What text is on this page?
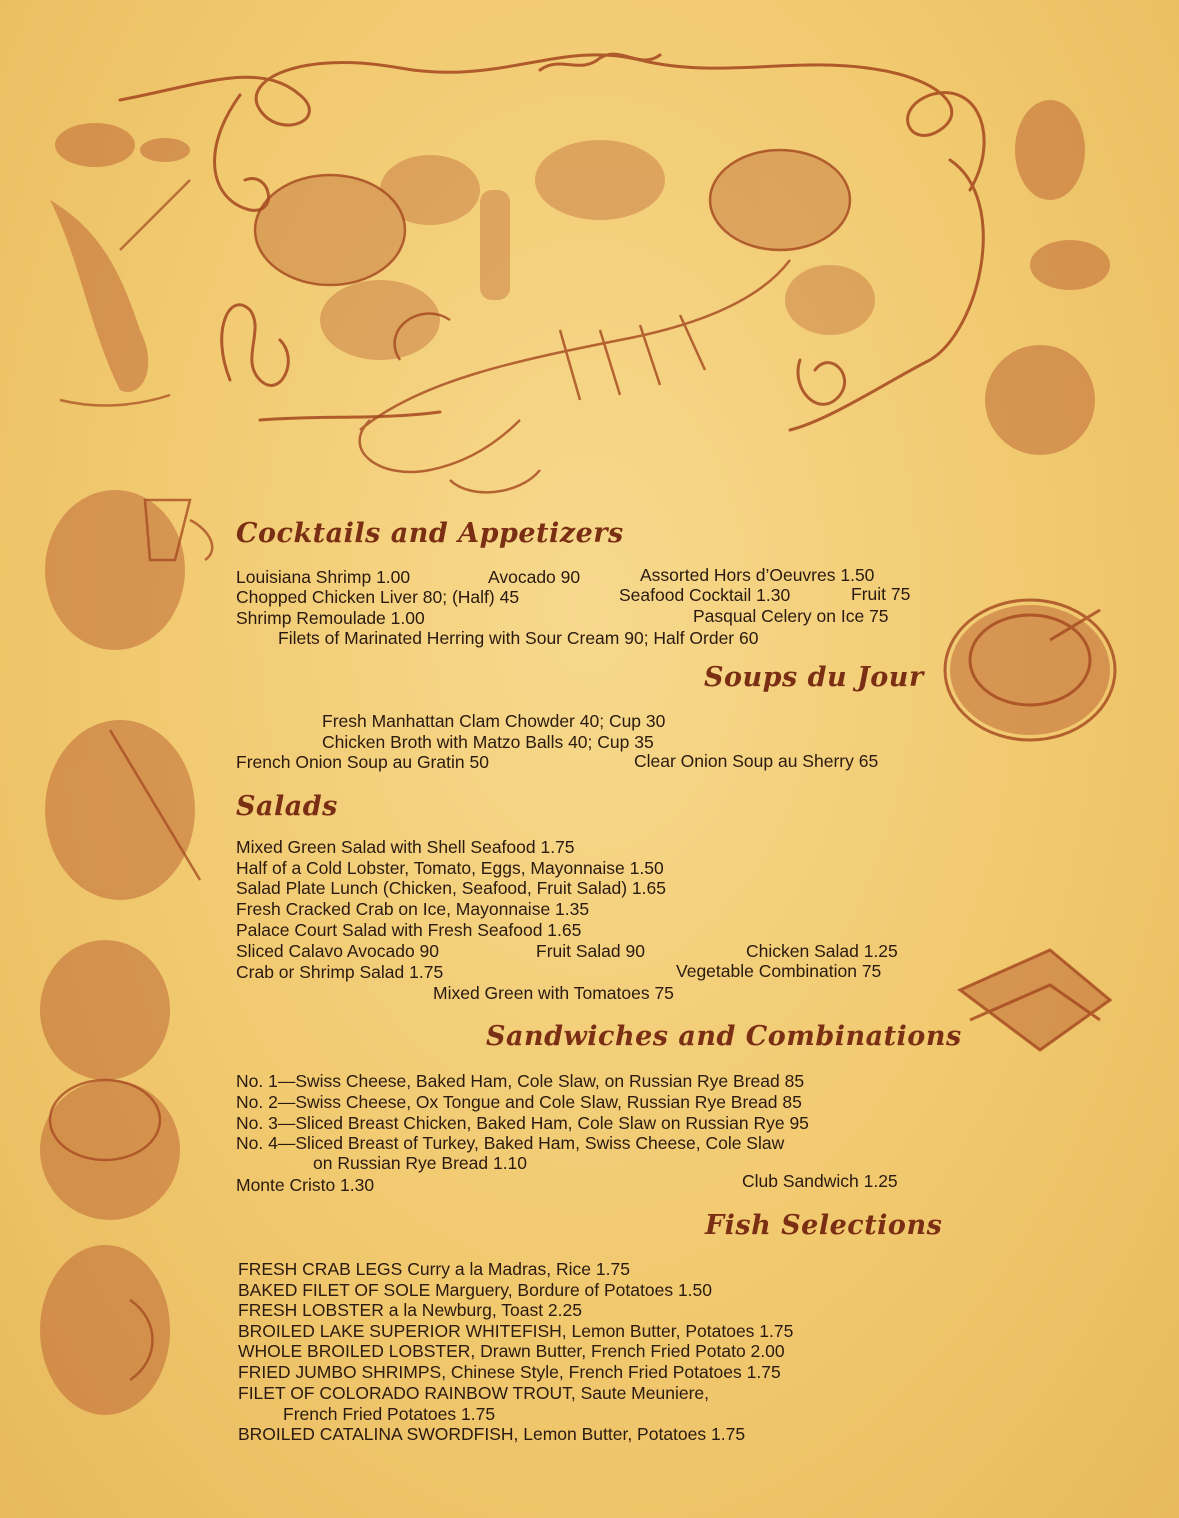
Cocktails and Appetizers
Louisiana Shrimp 1.00	Avocado 90	Assorted Hors d’Oeuvres 1.50
Chopped Chicken Liver 80; (Half) 45	Seafood Cocktail 1.30	Fruit 75
Shrimp Remoulade 1.00	Pasqual Celery on Ice 75
Filets of Marinated Herring with Sour Cream 90; Half Order 60
Soups du Jour
Fresh Manhattan Clam Chowder 40; Cup 30
Chicken Broth with Matzo Balls 40; Cup 35
French Onion Soup au Gratin 50	Clear Onion Soup au Sherry 65
Salads
Mixed Green Salad with Shell Seafood 1.75
Half of a Cold Lobster, Tomato, Eggs, Mayonnaise 1.50
Salad Plate Lunch (Chicken, Seafood, Fruit Salad) 1.65
Fresh Cracked Crab on Ice, Mayonnaise 1.35
Palace Court Salad with Fresh Seafood 1.65
Sliced Calavo Avocado 90	Fruit Salad 90	Chicken Salad 1.25
Crab or Shrimp Salad 1.75	Vegetable Combination 75
Mixed Green with Tomatoes 75
Sandwiches and Combinations
No. 1—Swiss Cheese, Baked Ham, Cole Slaw, on Russian Rye Bread 85
No. 2—Swiss Cheese, Ox Tongue and Cole Slaw, Russian Rye Bread 85
No. 3—Sliced Breast Chicken, Baked Ham, Cole Slaw on Russian Rye 95
No. 4—Sliced Breast of Turkey, Baked Ham, Swiss Cheese, Cole Slaw
on Russian Rye Bread 1.10
Monte Cristo 1.30	Club Sandwich 1.25
Fish Selections
FRESH CRAB LEGS Curry a la Madras, Rice 1.75
BAKED FILET OF SOLE Marguery, Bordure of Potatoes 1.50
FRESH LOBSTER a la Newburg, Toast 2.25
BROILED LAKE SUPERIOR WHITEFISH, Lemon Butter, Potatoes 1.75
WHOLE BROILED LOBSTER, Drawn Butter, French Fried Potato 2.00
FRIED JUMBO SHRIMPS, Chinese Style, French Fried Potatoes 1.75
FILET OF COLORADO RAINBOW TROUT, Saute Meuniere,
French Fried Potatoes 1.75
BROILED CATALINA SWORDFISH, Lemon Butter, Potatoes 1.75
